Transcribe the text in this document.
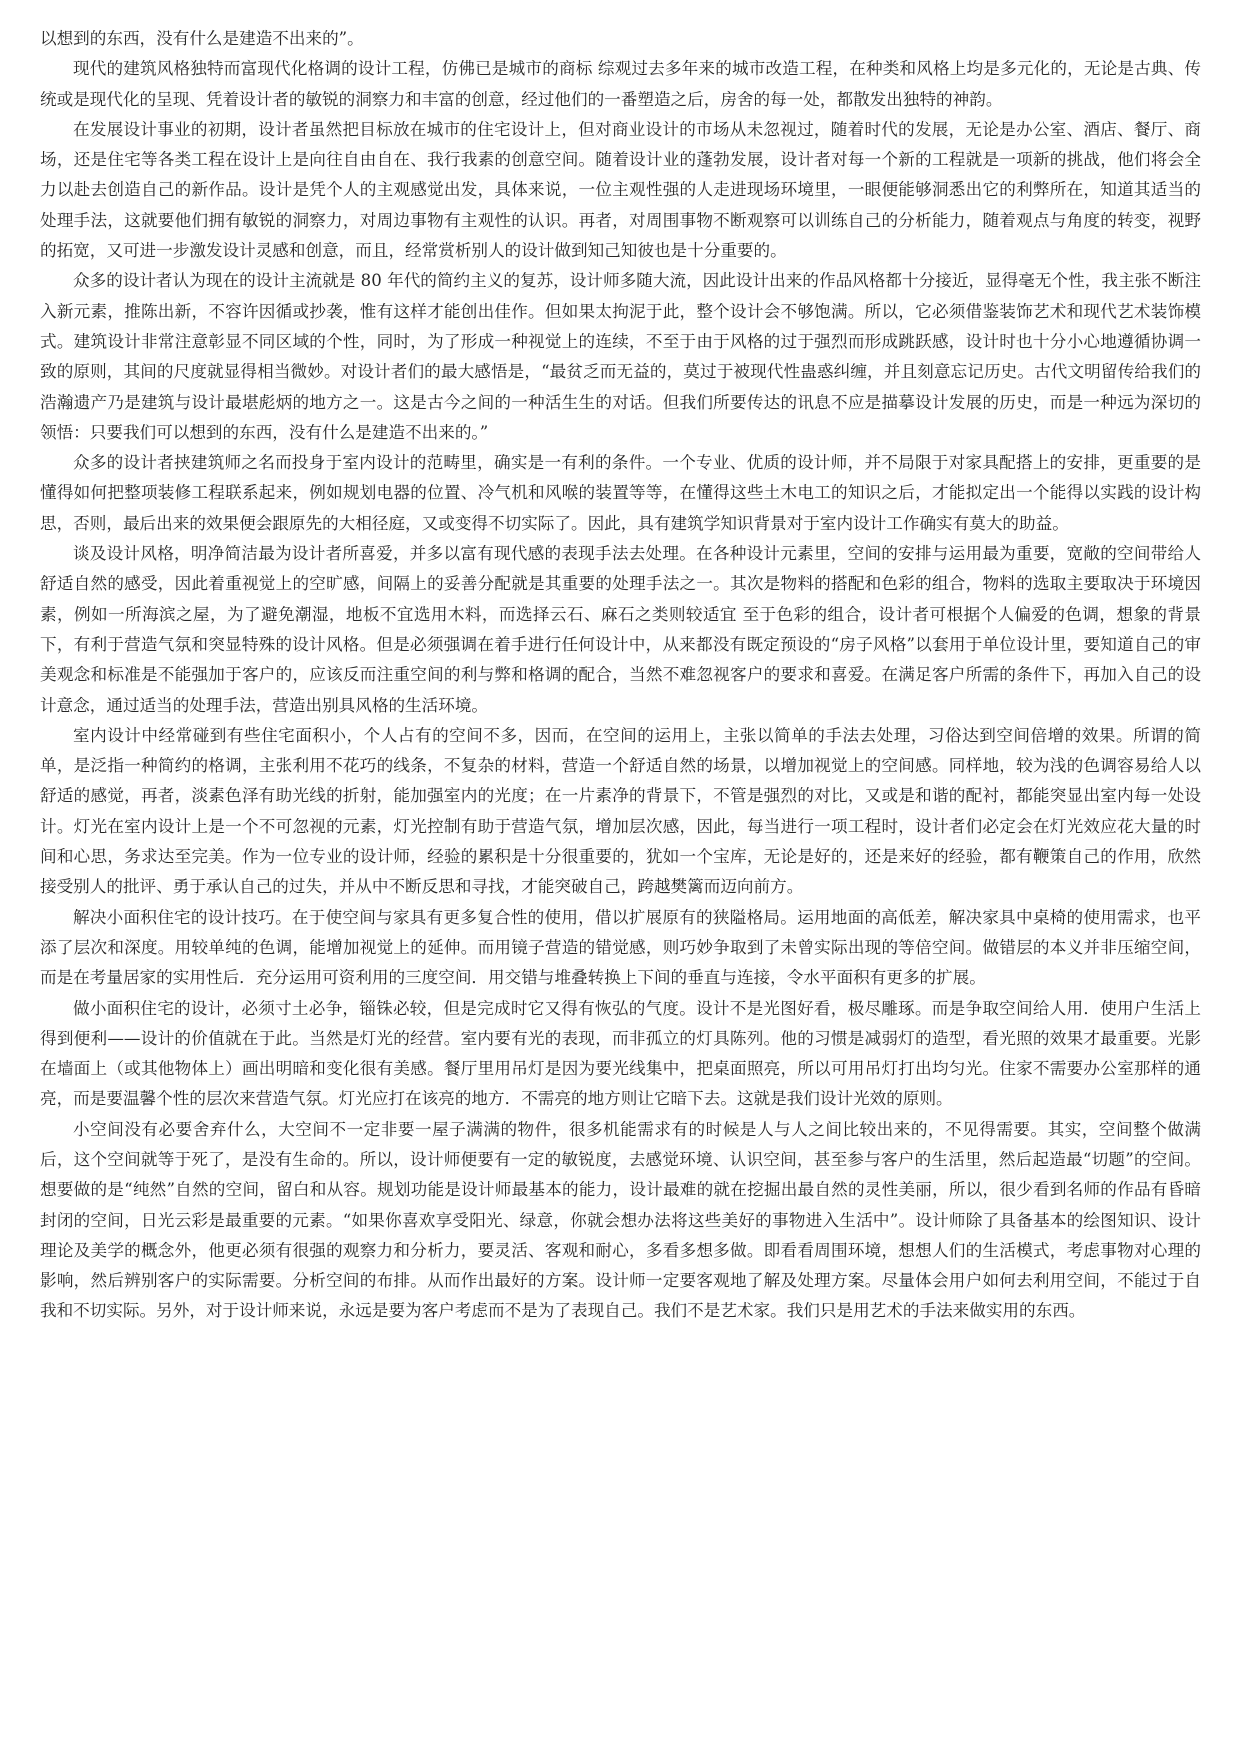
以想到的东西，没有什么是建造不出来的”。

现代的建筑风格独特而富现代化格调的设计工程，仿佛已是城市的商标 综观过去多年来的城市改造工程，在种类和风格上均是多元化的，无论是古典、传统或是现代化的呈现、凭着设计者的敏锐的洞察力和丰富的创意，经过他们的一番塑造之后，房舍的每一处，都散发出独特的神韵。

在发展设计事业的初期，设计者虽然把目标放在城市的住宅设计上，但对商业设计的市场从未忽视过，随着时代的发展，无论是办公室、酒店、餐厅、商场，还是住宅等各类工程在设计上是向往自由自在、我行我素的创意空间。随着设计业的蓬勃发展，设计者对每一个新的工程就是一项新的挑战，他们将会全力以赴去创造自己的新作品。设计是凭个人的主观感觉出发，具体来说，一位主观性强的人走进现场环境里，一眼便能够洞悉出它的利弊所在，知道其适当的处理手法，这就要他们拥有敏锐的洞察力，对周边事物有主观性的认识。再者，对周围事物不断观察可以训练自己的分析能力，随着观点与角度的转变，视野的拓宽，又可进一步激发设计灵感和创意，而且，经常赏析别人的设计做到知己知彼也是十分重要的。

众多的设计者认为现在的设计主流就是 80 年代的简约主义的复苏，设计师多随大流，因此设计出来的作品风格都十分接近，显得毫无个性，我主张不断注入新元素，推陈出新，不容许因循或抄袭，惟有这样才能创出佳作。但如果太拘泥于此，整个设计会不够饱满。所以，它必须借鉴装饰艺术和现代艺术装饰模式。建筑设计非常注意彰显不同区域的个性，同时，为了形成一种视觉上的连续，不至于由于风格的过于强烈而形成跳跃感，设计时也十分小心地遵循协调一致的原则，其间的尺度就显得相当微妙。对设计者们的最大感悟是，“最贫乏而无益的，莫过于被现代性蛊惑纠缠，并且刻意忘记历史。古代文明留传给我们的浩瀚遗产乃是建筑与设计最堪彪炳的地方之一。这是古今之间的一种活生生的对话。但我们所要传达的讯息不应是描摹设计发展的历史，而是一种远为深切的领悟：只要我们可以想到的东西，没有什么是建造不出来的。”

众多的设计者挟建筑师之名而投身于室内设计的范畴里，确实是一有利的条件。一个专业、优质的设计师，并不局限于对家具配搭上的安排，更重要的是懂得如何把整项装修工程联系起来，例如规划电器的位置、冷气机和风喉的装置等等，在懂得这些土木电工的知识之后，才能拟定出一个能得以实践的设计构思，否则，最后出来的效果便会跟原先的大相径庭，又或变得不切实际了。因此，具有建筑学知识背景对于室内设计工作确实有莫大的助益。

谈及设计风格，明净简洁最为设计者所喜爱，并多以富有现代感的表现手法去处理。在各种设计元素里，空间的安排与运用最为重要，宽敞的空间带给人舒适自然的感受，因此着重视觉上的空旷感，间隔上的妥善分配就是其重要的处理手法之一。其次是物料的搭配和色彩的组合，物料的选取主要取决于环境因素，例如一所海滨之屋，为了避免潮湿，地板不宜选用木料，而选择云石、麻石之类则较适宜 至于色彩的组合，设计者可根据个人偏爱的色调，想象的背景下，有利于营造气氛和突显特殊的设计风格。但是必须强调在着手进行任何设计中，从来都没有既定预设的“房子风格”以套用于单位设计里，要知道自己的审美观念和标准是不能强加于客户的，应该反而注重空间的利与弊和格调的配合，当然不难忽视客户的要求和喜爱。在满足客户所需的条件下，再加入自己的设计意念，通过适当的处理手法，营造出别具风格的生活环境。

室内设计中经常碰到有些住宅面积小，个人占有的空间不多，因而，在空间的运用上，主张以简单的手法去处理，习俗达到空间倍增的效果。所谓的简单，是泛指一种简约的格调，主张利用不花巧的线条，不复杂的材料，营造一个舒适自然的场景，以增加视觉上的空间感。同样地，较为浅的色调容易给人以舒适的感觉，再者，淡素色泽有助光线的折射，能加强室内的光度；在一片素净的背景下，不管是强烈的对比，又或是和谐的配衬，都能突显出室内每一处设计。灯光在室内设计上是一个不可忽视的元素，灯光控制有助于营造气氛，增加层次感，因此，每当进行一项工程时，设计者们必定会在灯光效应花大量的时间和心思，务求达至完美。作为一位专业的设计师，经验的累积是十分很重要的，犹如一个宝库，无论是好的，还是来好的经验，都有鞭策自己的作用，欣然接受别人的批评、勇于承认自己的过失，并从中不断反思和寻找，才能突破自己，跨越樊篱而迈向前方。

解决小面积住宅的设计技巧。在于使空间与家具有更多复合性的使用，借以扩展原有的狭隘格局。运用地面的高低差，解决家具中桌椅的使用需求，也平添了层次和深度。用较单纯的色调，能增加视觉上的延伸。而用镜子营造的错觉感，则巧妙争取到了未曾实际出现的等倍空间。做错层的本义并非压缩空间，而是在考量居家的实用性后．充分运用可资利用的三度空间．用交错与堆叠转换上下间的垂直与连接，令水平面积有更多的扩展。

做小面积住宅的设计，必须寸土必争，锱铢必较，但是完成时它又得有恢弘的气度。设计不是光图好看，极尽雕琢。而是争取空间给人用．使用户生活上得到便利——设计的价值就在于此。当然是灯光的经营。室内要有光的表现，而非孤立的灯具陈列。他的习惯是减弱灯的造型，看光照的效果才最重要。光影在墙面上（或其他物体上）画出明暗和变化很有美感。餐厅里用吊灯是因为要光线集中，把桌面照亮，所以可用吊灯打出均匀光。住家不需要办公室那样的通亮，而是要温馨个性的层次来营造气氛。灯光应打在该亮的地方．不需亮的地方则让它暗下去。这就是我们设计光效的原则。

小空间没有必要舍弃什么，大空间不一定非要一屋子满满的物件，很多机能需求有的时候是人与人之间比较出来的，不见得需要。其实，空间整个做满后，这个空间就等于死了，是没有生命的。所以，设计师便要有一定的敏锐度，去感觉环境、认识空间，甚至参与客户的生活里，然后起造最“切题”的空间。想要做的是“纯然”自然的空间，留白和从容。规划功能是设计师最基本的能力，设计最难的就在挖掘出最自然的灵性美丽，所以，很少看到名师的作品有昏暗封闭的空间，日光云彩是最重要的元素。“如果你喜欢享受阳光、绿意，你就会想办法将这些美好的事物进入生活中”。设计师除了具备基本的绘图知识、设计理论及美学的概念外，他更必须有很强的观察力和分析力，要灵活、客观和耐心，多看多想多做。即看看周围环境，想想人们的生活模式，考虑事物对心理的影响，然后辨别客户的实际需要。分析空间的布排。从而作出最好的方案。设计师一定要客观地了解及处理方案。尽量体会用户如何去利用空间，不能过于自我和不切实际。另外，对于设计师来说，永远是要为客户考虑而不是为了表现自己。我们不是艺术家。我们只是用艺术的手法来做实用的东西。
